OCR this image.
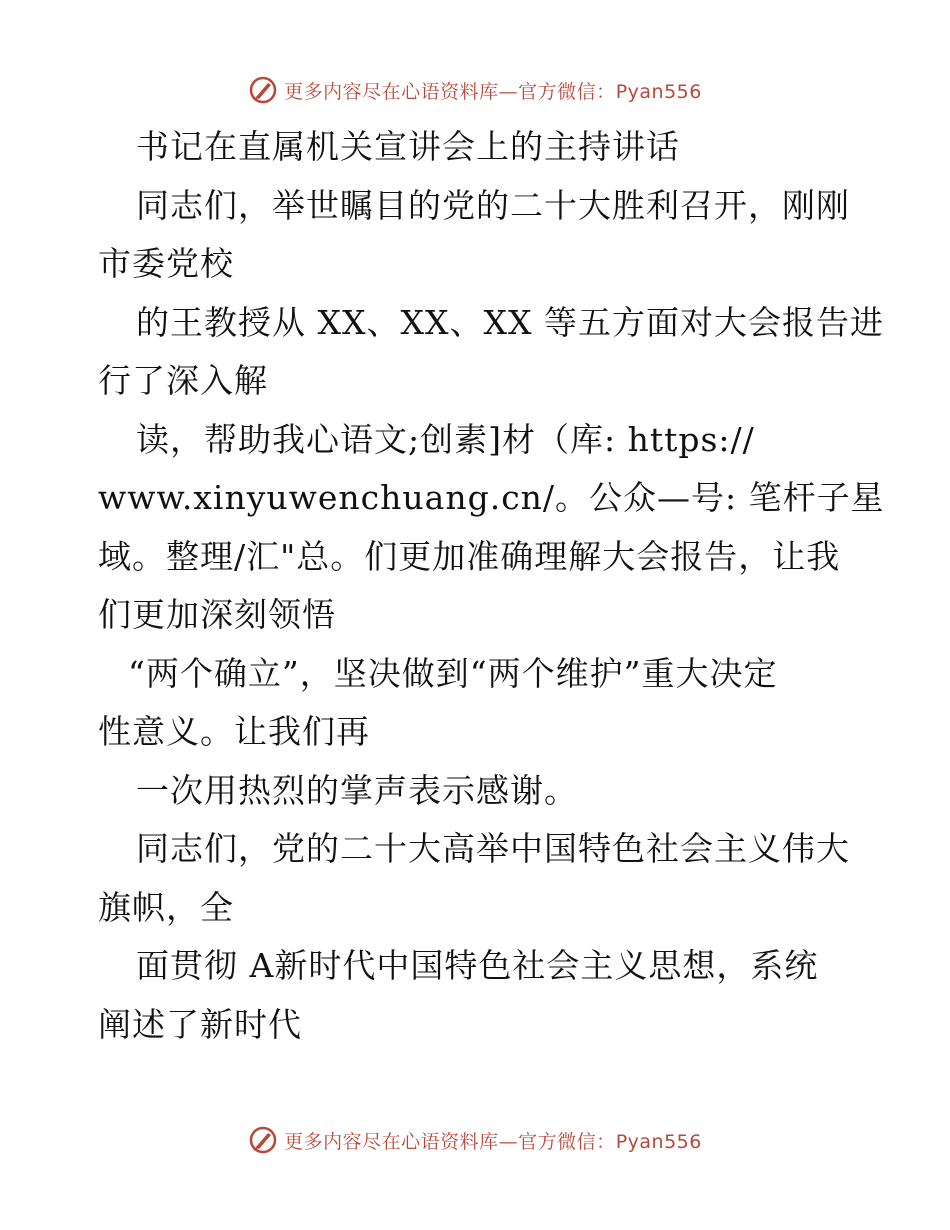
更多内容尽在心语资料库—官方微信：Pyan556
书记在直属机关宣讲会上的主持讲话
同志们，举世瞩目的党的二十大胜利召开，刚刚
市委党校
的王教授从 XX、XX、XX 等五方面对大会报告进
行了深入解
读，帮助我心语文;创素]材（库: https://
www.xinyuwenchuang.cn/。公众—号: 笔杆子星
域。整理/汇"总。们更加准确理解大会报告，让我
们更加深刻领悟
“两个确立”，坚决做到“两个维护”重大决定
性意义。让我们再
一次用热烈的掌声表示感谢。
同志们，党的二十大高举中国特色社会主义伟大
旗帜，全
面贯彻 A新时代中国特色社会主义思想，系统
阐述了新时代
更多内容尽在心语资料库—官方微信：Pyan556
